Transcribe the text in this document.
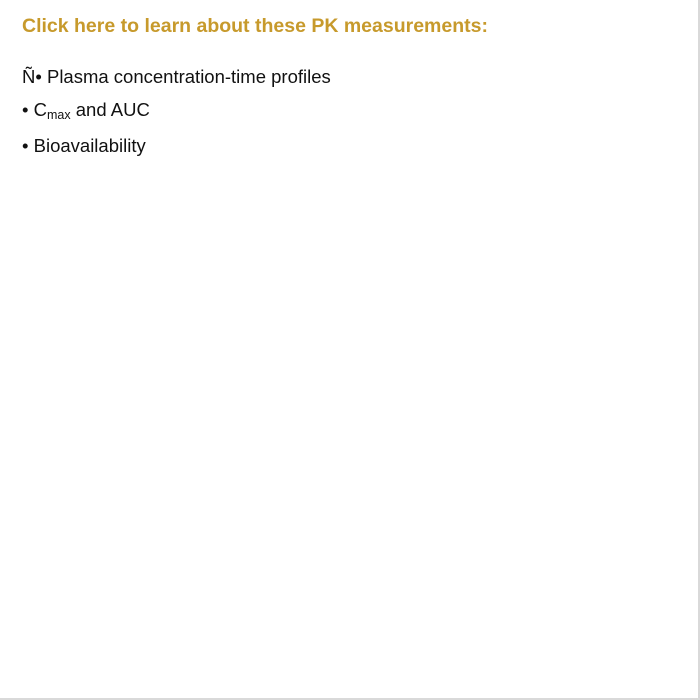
Click here to learn about these PK measurements:
Ñ• Plasma concentration-time profiles
• Cmax and AUC
• Bioavailability
